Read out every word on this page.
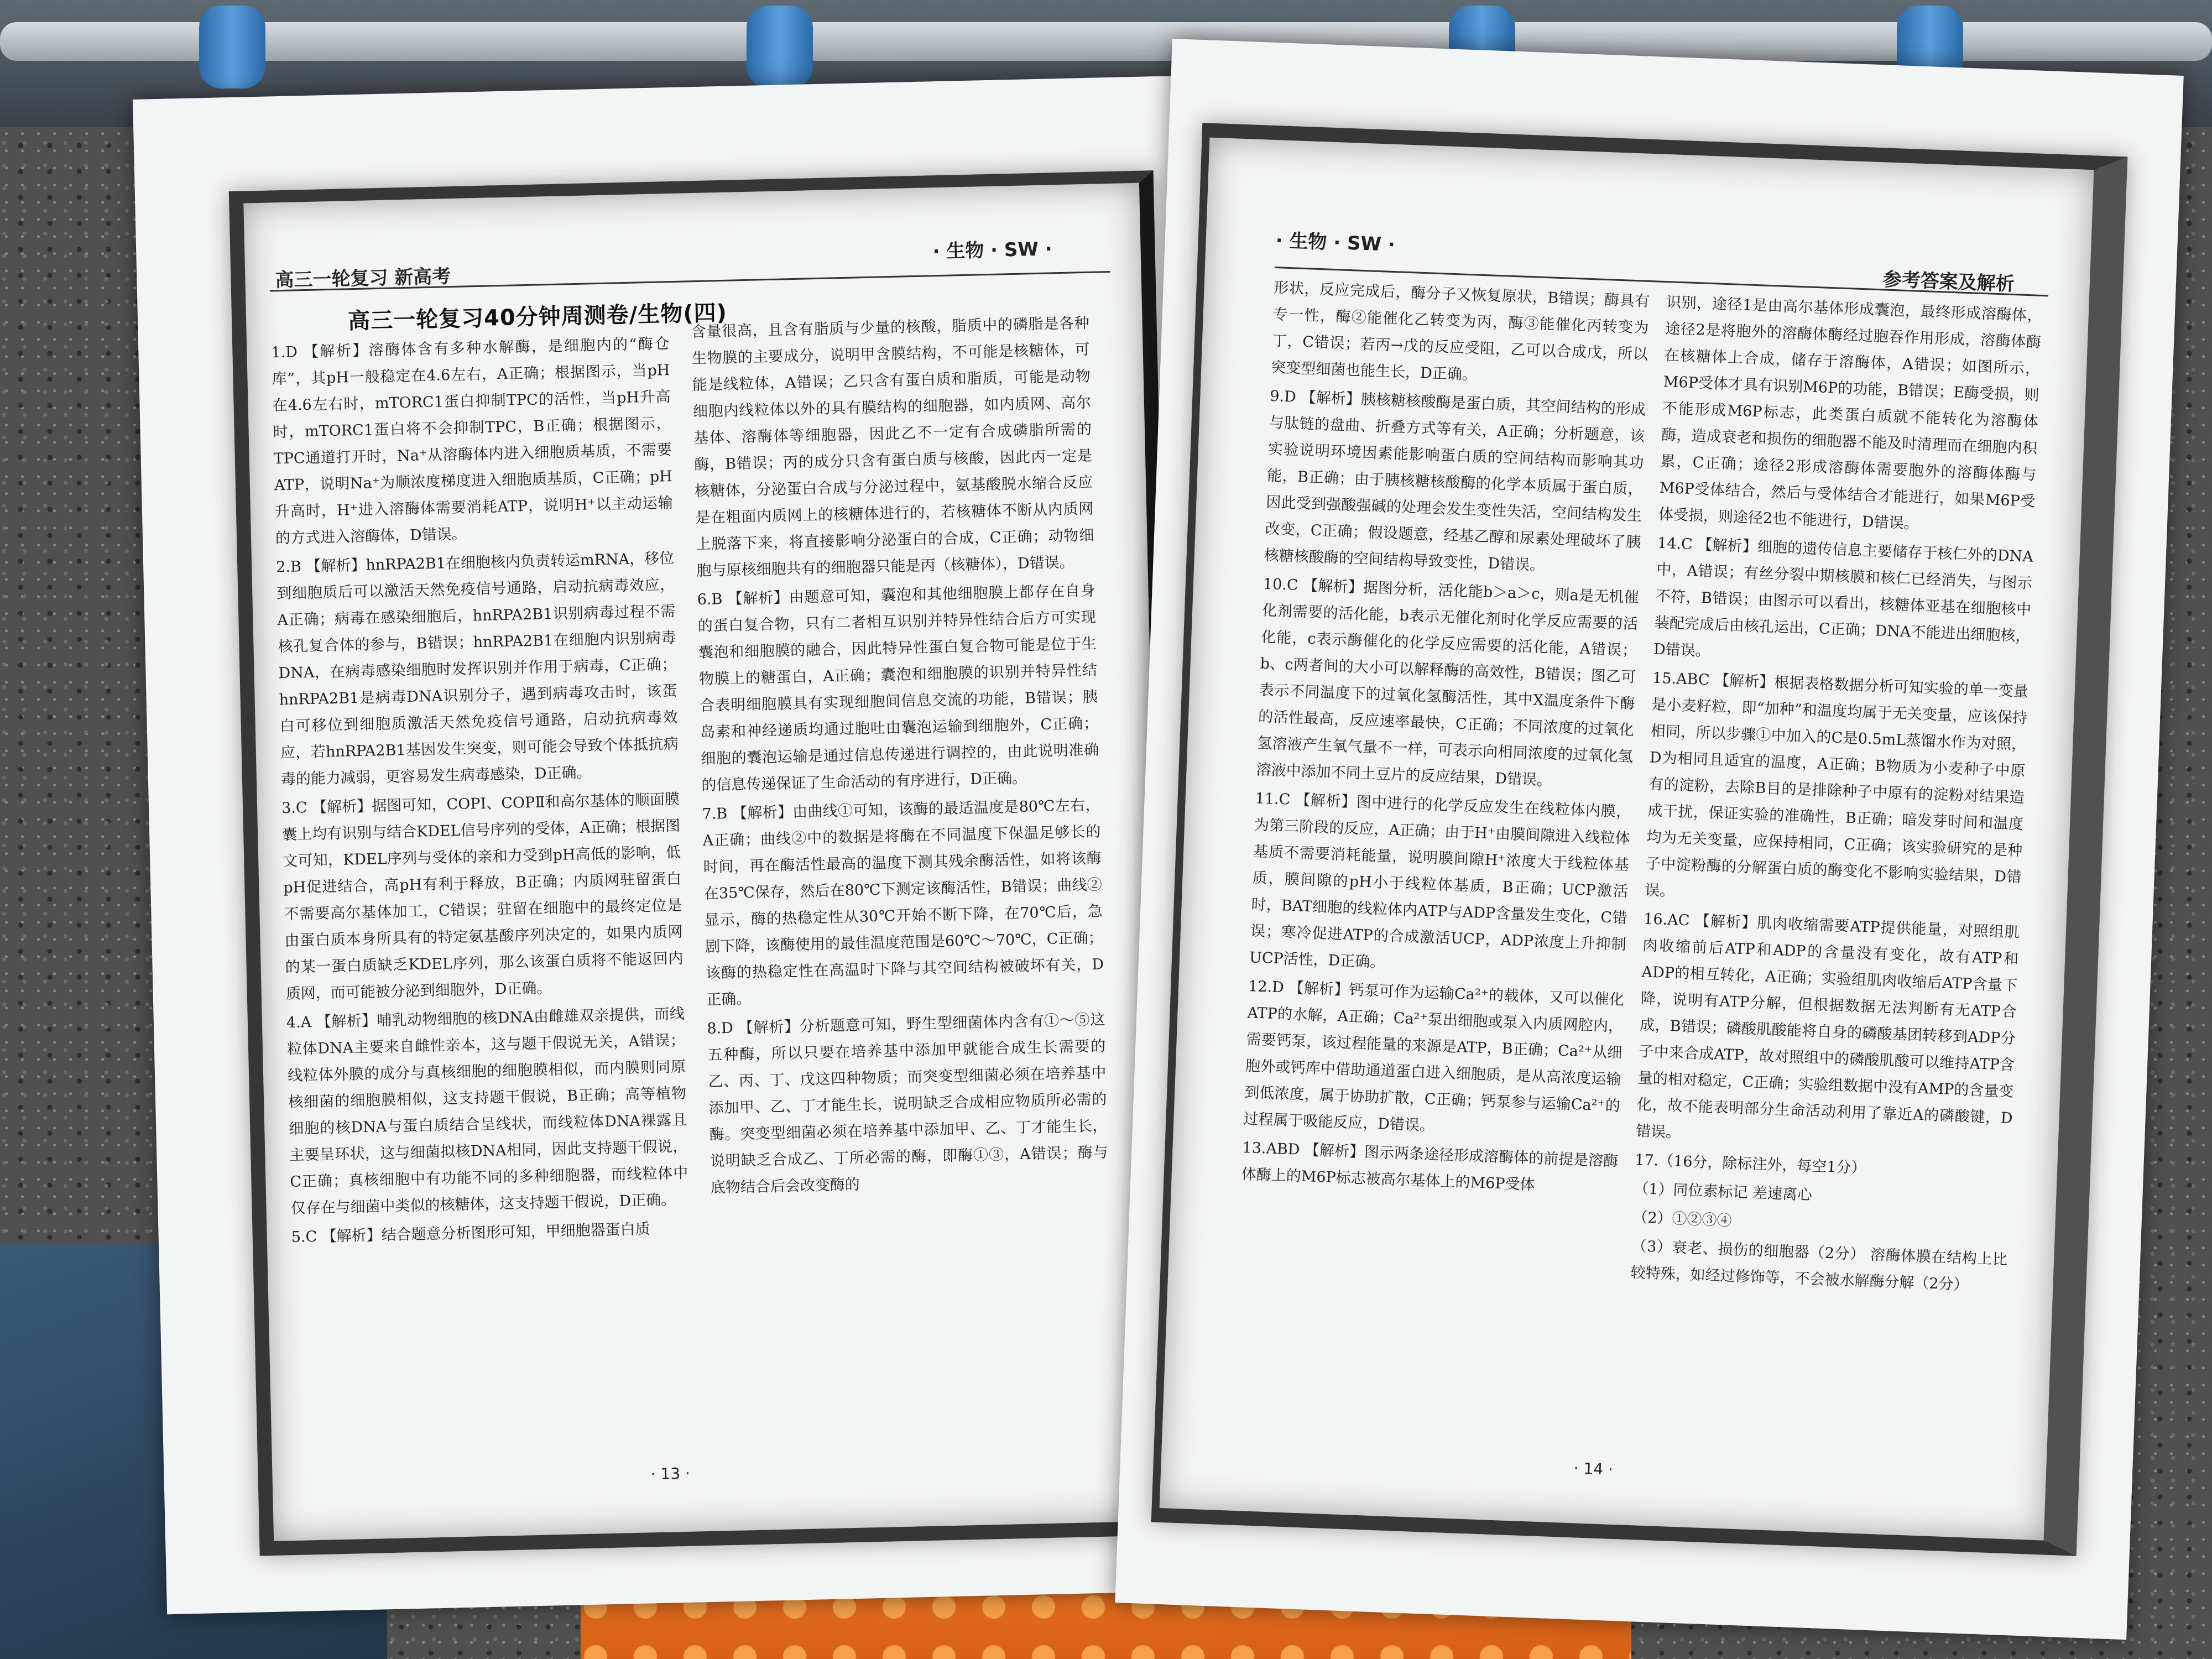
高三一轮复习 新高考
· 生物 · SW ·
高三一轮复习40分钟周测卷/生物(四)

1.D 【解析】溶酶体含有多种水解酶，是细胞内的“酶仓库”，其pH一般稳定在4.6左右，A正确；根据图示，当pH在4.6左右时，mTORC1蛋白抑制TPC的活性，当pH升高时，mTORC1蛋白将不会抑制TPC，B正确；根据图示，TPC通道打开时，Na⁺从溶酶体内进入细胞质基质，不需要ATP，说明Na⁺为顺浓度梯度进入细胞质基质，C正确；pH升高时，H⁺进入溶酶体需要消耗ATP，说明H⁺以主动运输的方式进入溶酶体，D错误。

2.B 【解析】hnRPA2B1在细胞核内负责转运mRNA，移位到细胞质后可以激活天然免疫信号通路，启动抗病毒效应，A正确；病毒在感染细胞后，hnRPA2B1识别病毒过程不需核孔复合体的参与，B错误；hnRPA2B1在细胞内识别病毒DNA，在病毒感染细胞时发挥识别并作用于病毒，C正确；hnRPA2B1是病毒DNA识别分子，遇到病毒攻击时，该蛋白可移位到细胞质激活天然免疫信号通路，启动抗病毒效应，若hnRPA2B1基因发生突变，则可能会导致个体抵抗病毒的能力减弱，更容易发生病毒感染，D正确。

3.C 【解析】据图可知，COPⅠ、COPⅡ和高尔基体的顺面膜囊上均有识别与结合KDEL信号序列的受体，A正确；根据图文可知，KDEL序列与受体的亲和力受到pH高低的影响，低pH促进结合，高pH有利于释放，B正确；内质网驻留蛋白不需要高尔基体加工，C错误；驻留在细胞中的最终定位是由蛋白质本身所具有的特定氨基酸序列决定的，如果内质网的某一蛋白质缺乏KDEL序列，那么该蛋白质将不能返回内质网，而可能被分泌到细胞外，D正确。

4.A 【解析】哺乳动物细胞的核DNA由雌雄双亲提供，而线粒体DNA主要来自雌性亲本，这与题干假说无关，A错误；线粒体外膜的成分与真核细胞的细胞膜相似，而内膜则同原核细菌的细胞膜相似，这支持题干假说，B正确；高等植物细胞的核DNA与蛋白质结合呈线状，而线粒体DNA裸露且主要呈环状，这与细菌拟核DNA相同，因此支持题干假说，C正确；真核细胞中有功能不同的多种细胞器，而线粒体中仅存在与细菌中类似的核糖体，这支持题干假说，D正确。

5.C 【解析】结合题意分析图形可知，甲细胞器蛋白质

含量很高，且含有脂质与少量的核酸，脂质中的磷脂是各种生物膜的主要成分，说明甲含膜结构，不可能是核糖体，可能是线粒体，A错误；乙只含有蛋白质和脂质，可能是动物细胞内线粒体以外的具有膜结构的细胞器，如内质网、高尔基体、溶酶体等细胞器，因此乙不一定有合成磷脂所需的酶，B错误；丙的成分只含有蛋白质与核酸，因此丙一定是核糖体，分泌蛋白合成与分泌过程中，氨基酸脱水缩合反应是在粗面内质网上的核糖体进行的，若核糖体不断从内质网上脱落下来，将直接影响分泌蛋白的合成，C正确；动物细胞与原核细胞共有的细胞器只能是丙（核糖体），D错误。

6.B 【解析】由题意可知，囊泡和其他细胞膜上都存在自身的蛋白复合物，只有二者相互识别并特异性结合后方可实现囊泡和细胞膜的融合，因此特异性蛋白复合物可能是位于生物膜上的糖蛋白，A正确；囊泡和细胞膜的识别并特异性结合表明细胞膜具有实现细胞间信息交流的功能，B错误；胰岛素和神经递质均通过胞吐由囊泡运输到细胞外，C正确；细胞的囊泡运输是通过信息传递进行调控的，由此说明准确的信息传递保证了生命活动的有序进行，D正确。

7.B 【解析】由曲线①可知，该酶的最适温度是80℃左右，A正确；曲线②中的数据是将酶在不同温度下保温足够长的时间，再在酶活性最高的温度下测其残余酶活性，如将该酶在35℃保存，然后在80℃下测定该酶活性，B错误；曲线②显示，酶的热稳定性从30℃开始不断下降，在70℃后，急剧下降，该酶使用的最佳温度范围是60℃～70℃，C正确；该酶的热稳定性在高温时下降与其空间结构被破坏有关，D正确。

8.D 【解析】分析题意可知，野生型细菌体内含有①～⑤这五种酶，所以只要在培养基中添加甲就能合成生长需要的乙、丙、丁、戊这四种物质；而突变型细菌必须在培养基中添加甲、乙、丁才能生长，说明缺乏合成相应物质所必需的酶。突变型细菌必须在培养基中添加甲、乙、丁才能生长，说明缺乏合成乙、丁所必需的酶，即酶①③，A错误；酶与底物结合后会改变酶的

· 13 ·
· 生物 · SW ·
参考答案及解析

形状，反应完成后，酶分子又恢复原状，B错误；酶具有专一性，酶②能催化乙转变为丙，酶③能催化丙转变为丁，C错误；若丙→戊的反应受阻，乙可以合成戊，所以突变型细菌也能生长，D正确。

9.D 【解析】胰核糖核酸酶是蛋白质，其空间结构的形成与肽链的盘曲、折叠方式等有关，A正确；分析题意，该实验说明环境因素能影响蛋白质的空间结构而影响其功能，B正确；由于胰核糖核酸酶的化学本质属于蛋白质，因此受到强酸强碱的处理会发生变性失活，空间结构发生改变，C正确；假设题意，经基乙醇和尿素处理破坏了胰核糖核酸酶的空间结构导致变性，D错误。

10.C 【解析】据图分析，活化能b＞a＞c，则a是无机催化剂需要的活化能，b表示无催化剂时化学反应需要的活化能，c表示酶催化的化学反应需要的活化能，A错误；b、c两者间的大小可以解释酶的高效性，B错误；图乙可表示不同温度下的过氧化氢酶活性，其中X温度条件下酶的活性最高，反应速率最快，C正确；不同浓度的过氧化氢溶液产生氧气量不一样，可表示向相同浓度的过氧化氢溶液中添加不同土豆片的反应结果，D错误。

11.C 【解析】图中进行的化学反应发生在线粒体内膜，为第三阶段的反应，A正确；由于H⁺由膜间隙进入线粒体基质不需要消耗能量，说明膜间隙H⁺浓度大于线粒体基质，膜间隙的pH小于线粒体基质，B正确；UCP激活时，BAT细胞的线粒体内ATP与ADP含量发生变化，C错误；寒冷促进ATP的合成激活UCP，ADP浓度上升抑制UCP活性，D正确。

12.D 【解析】钙泵可作为运输Ca²⁺的载体，又可以催化ATP的水解，A正确；Ca²⁺泵出细胞或泵入内质网腔内，需要钙泵，该过程能量的来源是ATP，B正确；Ca²⁺从细胞外或钙库中借助通道蛋白进入细胞质，是从高浓度运输到低浓度，属于协助扩散，C正确；钙泵参与运输Ca²⁺的过程属于吸能反应，D错误。

13.ABD 【解析】图示两条途径形成溶酶体的前提是溶酶体酶上的M6P标志被高尔基体上的M6P受体

识别，途径1是由高尔基体形成囊泡，最终形成溶酶体，途径2是将胞外的溶酶体酶经过胞吞作用形成，溶酶体酶在核糖体上合成，储存于溶酶体，A错误；如图所示，M6P受体才具有识别M6P的功能，B错误；E酶受损，则不能形成M6P标志，此类蛋白质就不能转化为溶酶体酶，造成衰老和损伤的细胞器不能及时清理而在细胞内积累，C正确；途径2形成溶酶体需要胞外的溶酶体酶与M6P受体结合，然后与受体结合才能进行，如果M6P受体受损，则途径2也不能进行，D错误。

14.C 【解析】细胞的遗传信息主要储存于核仁外的DNA中，A错误；有丝分裂中期核膜和核仁已经消失，与图示不符，B错误；由图示可以看出，核糖体亚基在细胞核中装配完成后由核孔运出，C正确；DNA不能进出细胞核，D错误。

15.ABC 【解析】根据表格数据分析可知实验的单一变量是小麦籽粒，即“加种”和温度均属于无关变量，应该保持相同，所以步骤①中加入的C是0.5mL蒸馏水作为对照，D为相同且适宜的温度，A正确；B物质为小麦种子中原有的淀粉，去除B目的是排除种子中原有的淀粉对结果造成干扰，保证实验的准确性，B正确；暗发芽时间和温度均为无关变量，应保持相同，C正确；该实验研究的是种子中淀粉酶的分解蛋白质的酶变化不影响实验结果，D错误。

16.AC 【解析】肌肉收缩需要ATP提供能量，对照组肌肉收缩前后ATP和ADP的含量没有变化，故有ATP和ADP的相互转化，A正确；实验组肌肉收缩后ATP含量下降，说明有ATP分解，但根据数据无法判断有无ATP合成，B错误；磷酸肌酸能将自身的磷酸基团转移到ADP分子中来合成ATP，故对照组中的磷酸肌酸可以维持ATP含量的相对稳定，C正确；实验组数据中没有AMP的含量变化，故不能表明部分生命活动利用了靠近A的磷酸键，D错误。

17.（16分，除标注外，每空1分）

（1）同位素标记 差速离心

（2）①②③④

（3）衰老、损伤的细胞器（2分） 溶酶体膜在结构上比较特殊，如经过修饰等，不会被水解酶分解（2分）

· 14 ·
